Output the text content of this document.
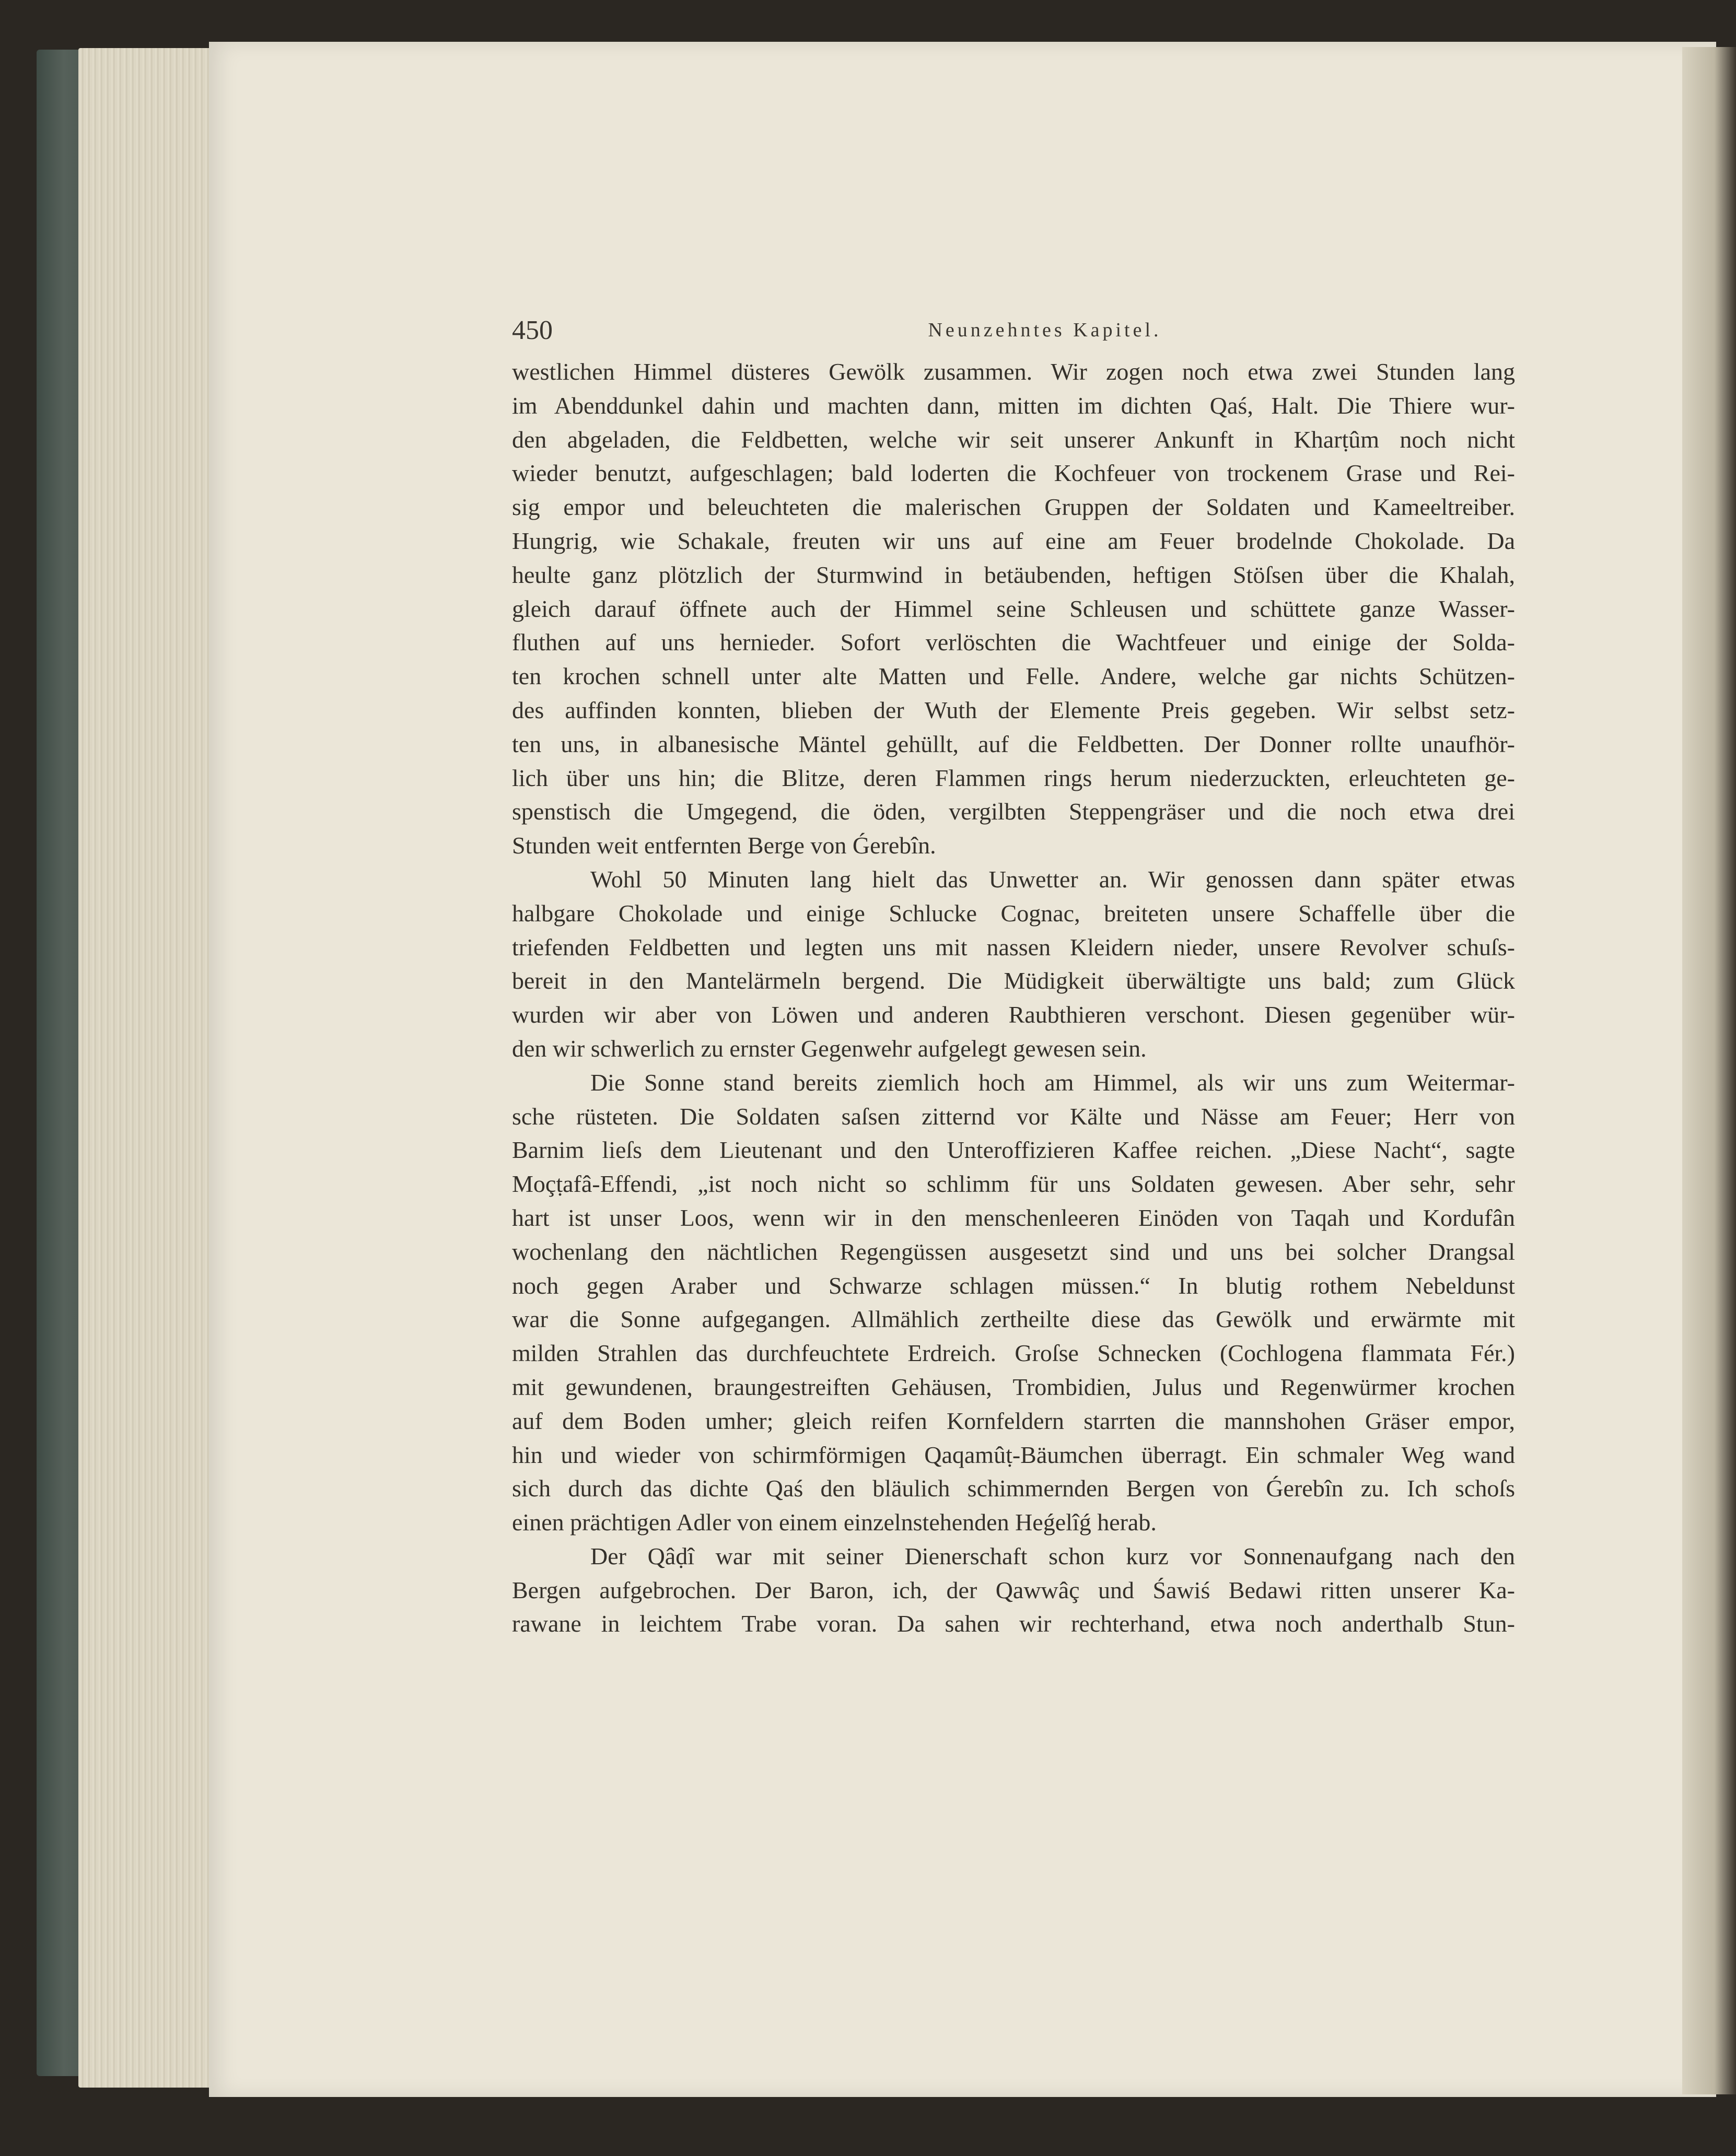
450	Neunzehntes Kapitel.
westlichen Himmel düsteres Gewölk zusammen. Wir zogen noch etwa zwei Stunden lang
im Abenddunkel dahin und machten dann, mitten im dichten Qaś, Halt. Die Thiere wur-
den abgeladen, die Feldbetten, welche wir seit unserer Ankunft in Kharṭûm noch nicht
wieder benutzt, aufgeschlagen; bald loderten die Kochfeuer von trockenem Grase und Rei-
sig empor und beleuchteten die malerischen Gruppen der Soldaten und Kameeltreiber.
Hungrig, wie Schakale, freuten wir uns auf eine am Feuer brodelnde Chokolade. Da
heulte ganz plötzlich der Sturmwind in betäubenden, heftigen Stöſsen über die Khalah,
gleich darauf öffnete auch der Himmel seine Schleusen und schüttete ganze Wasser-
fluthen auf uns hernieder. Sofort verlöschten die Wachtfeuer und einige der Solda-
ten krochen schnell unter alte Matten und Felle. Andere, welche gar nichts Schützen-
des auffinden konnten, blieben der Wuth der Elemente Preis gegeben. Wir selbst setz-
ten uns, in albanesische Mäntel gehüllt, auf die Feldbetten. Der Donner rollte unaufhör-
lich über uns hin; die Blitze, deren Flammen rings herum niederzuckten, erleuchteten ge-
spenstisch die Umgegend, die öden, vergilbten Steppengräser und die noch etwa drei
Stunden weit entfernten Berge von Ǵerebîn.
Wohl 50 Minuten lang hielt das Unwetter an. Wir genossen dann später etwas
halbgare Chokolade und einige Schlucke Cognac, breiteten unsere Schaffelle über die
triefenden Feldbetten und legten uns mit nassen Kleidern nieder, unsere Revolver schuſs-
bereit in den Mantelärmeln bergend. Die Müdigkeit überwältigte uns bald; zum Glück
wurden wir aber von Löwen und anderen Raubthieren verschont. Diesen gegenüber wür-
den wir schwerlich zu ernster Gegenwehr aufgelegt gewesen sein.
Die Sonne stand bereits ziemlich hoch am Himmel, als wir uns zum Weitermar-
sche rüsteten. Die Soldaten saſsen zitternd vor Kälte und Nässe am Feuer; Herr von
Barnim lieſs dem Lieutenant und den Unteroffizieren Kaffee reichen. „Diese Nacht“, sagte
Moçṭafâ-Effendi, „ist noch nicht so schlimm für uns Soldaten gewesen. Aber sehr, sehr
hart ist unser Loos, wenn wir in den menschenleeren Einöden von Taqah und Kordufân
wochenlang den nächtlichen Regengüssen ausgesetzt sind und uns bei solcher Drangsal
noch gegen Araber und Schwarze schlagen müssen.“ In blutig rothem Nebeldunst
war die Sonne aufgegangen. Allmählich zertheilte diese das Gewölk und erwärmte mit
milden Strahlen das durchfeuchtete Erdreich. Groſse Schnecken (Cochlogena flammata Fér.)
mit gewundenen, braungestreiften Gehäusen, Trombidien, Julus und Regenwürmer krochen
auf dem Boden umher; gleich reifen Kornfeldern starrten die mannshohen Gräser empor,
hin und wieder von schirmförmigen Qaqamûṭ-Bäumchen überragt. Ein schmaler Weg wand
sich durch das dichte Qaś den bläulich schimmernden Bergen von Ǵerebîn zu. Ich schoſs
einen prächtigen Adler von einem einzelnstehenden Heǵelîǵ herab.
Der Qâḍî war mit seiner Dienerschaft schon kurz vor Sonnenaufgang nach den
Bergen aufgebrochen. Der Baron, ich, der Qawwâç und Śawiś Bedawi ritten unserer Ka-
rawane in leichtem Trabe voran. Da sahen wir rechterhand, etwa noch anderthalb Stun-
